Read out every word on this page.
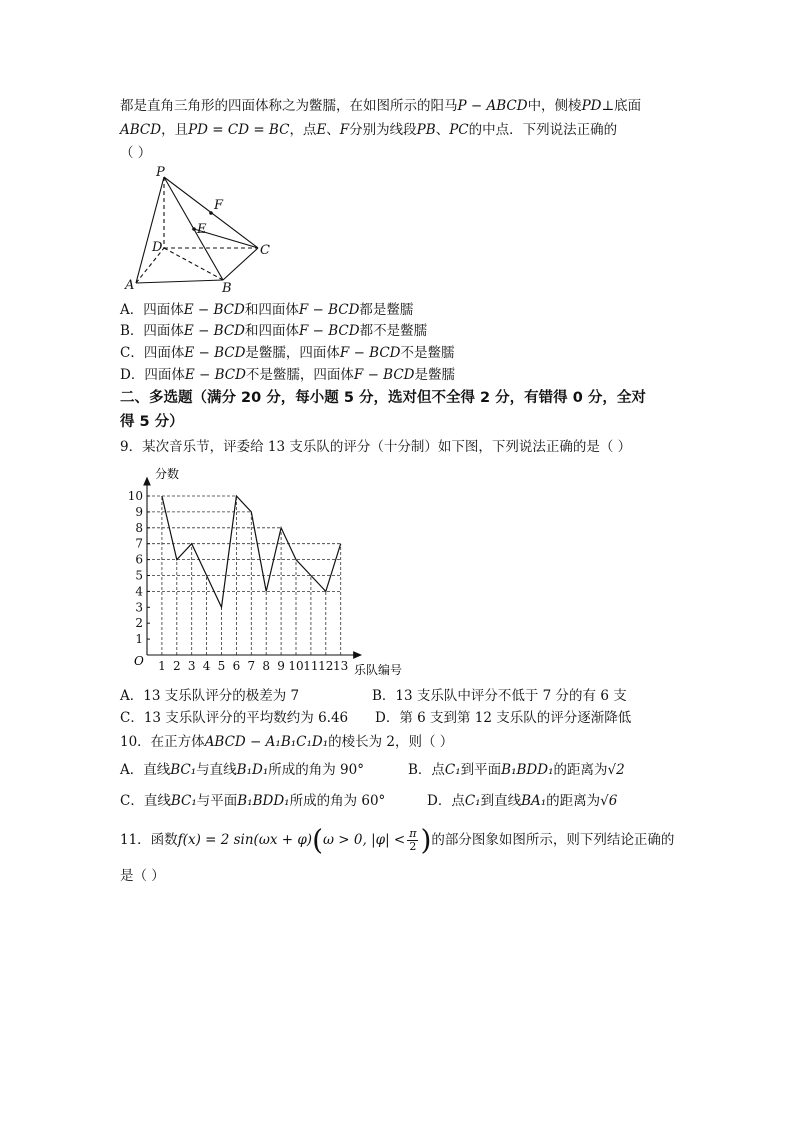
都是直角三角形的四面体称之为鳖臑，在如图所示的阳马P − ABCD中，侧棱PD⊥底面
ABCD，且PD = CD = BC，点E、F分别为线段PB、PC的中点．下列说法正确的
（ ）
P
F
E
D	C
A	B
A．四面体E − BCD和四面体F − BCD都是鳖臑
B．四面体E − BCD和四面体F − BCD都不是鳖臑
C．四面体E − BCD是鳖臑，四面体F − BCD不是鳖臑
D．四面体E − BCD不是鳖臑，四面体F − BCD是鳖臑
二、多选题（满分 20 分，每小题 5 分，选对但不全得 2 分，有错得 0 分，全对
得 5 分）
9．某次音乐节，评委给 13 支乐队的评分（十分制）如下图，下列说法正确的是（ ）
1
2
3
4
5
6
7
8
9
10
1 2 3 4 5 6 7 8 9 10 11 12 13
分数
乐队编号
O
A．13 支乐队评分的极差为 7	B．13 支乐队中评分不低于 7 分的有 6 支
C．13 支乐队评分的平均数约为 6.46 D．第 6 支到第 12 支乐队的评分逐渐降低
10．在正方体ABCD − A₁B₁C₁D₁的棱长为 2，则（ ）
A．直线BC₁与直线B₁D₁所成的角为 90°	B．点C₁到平面B₁BDD₁的距离为√2
C．直线BC₁与平面B₁BDD₁所成的角为 60°	D．点C₁到直线BA₁的距离为√6
11．函数f(x) = 2 sin(ωx + φ)(ω > 0, $|\varphi| < \frac{\pi}{2}$ )的部分图象如图所示，则下列结论正确的
是（ ）
